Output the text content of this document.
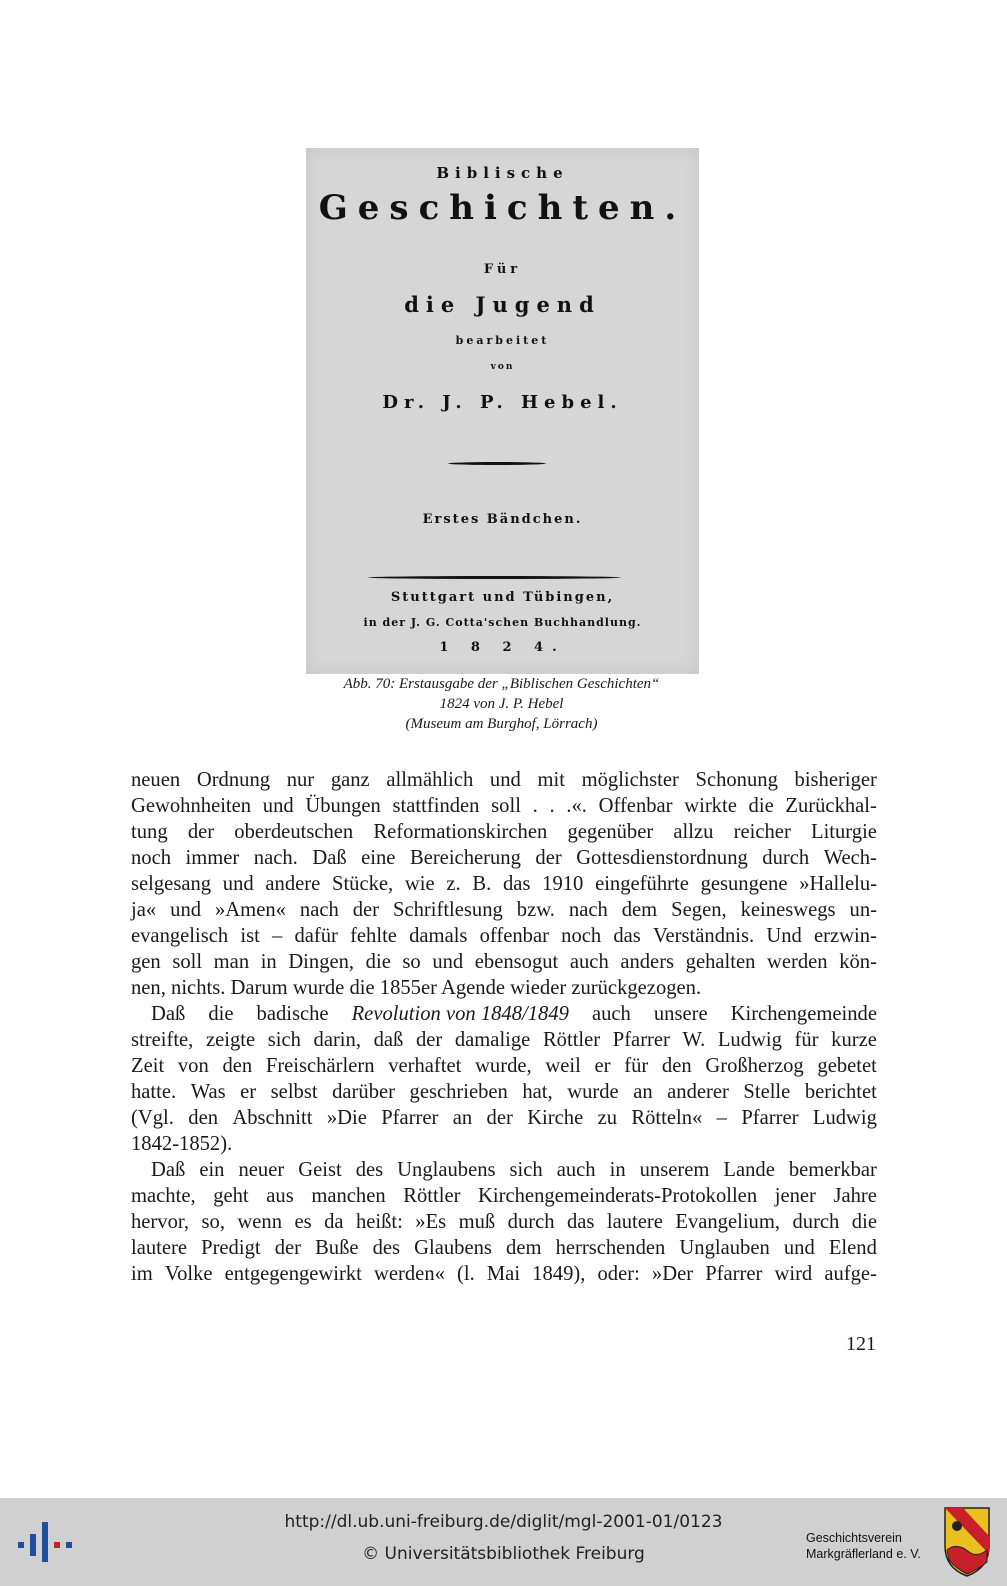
Biblische
Geschichten.
Für
die Jugend
bearbeitet
von
Dr. J. P. Hebel.
Erstes Bändchen.
Stuttgart und Tübingen,
in der J. G. Cotta'schen Buchhandlung.
1 8 2 4.
Abb. 70: Erstausgabe der „Biblischen Geschichten“
1824 von J. P. Hebel
(Museum am Burghof, Lörrach)
neuen Ordnung nur ganz allmählich und mit möglichster Schonung bisheriger
Gewohnheiten und Übungen stattfinden soll . . .«. Offenbar wirkte die Zurückhal-
tung der oberdeutschen Reformationskirchen gegenüber allzu reicher Liturgie
noch immer nach. Daß eine Bereicherung der Gottesdienstordnung durch Wech-
selgesang und andere Stücke, wie z. B. das 1910 eingeführte gesungene »Hallelu-
ja« und »Amen« nach der Schriftlesung bzw. nach dem Segen, keineswegs un-
evangelisch ist – dafür fehlte damals offenbar noch das Verständnis. Und erzwin-
gen soll man in Dingen, die so und ebensogut auch anders gehalten werden kön-
nen, nichts. Darum wurde die 1855er Agende wieder zurückgezogen.
Daß die badische Revolution von 1848/1849 auch unsere Kirchengemeinde
streifte, zeigte sich darin, daß der damalige Röttler Pfarrer W. Ludwig für kurze
Zeit von den Freischärlern verhaftet wurde, weil er für den Großherzog gebetet
hatte. Was er selbst darüber geschrieben hat, wurde an anderer Stelle berichtet
(Vgl. den Abschnitt »Die Pfarrer an der Kirche zu Rötteln« – Pfarrer Ludwig
1842-1852).
Daß ein neuer Geist des Unglaubens sich auch in unserem Lande bemerkbar
machte, geht aus manchen Röttler Kirchengemeinderats-Protokollen jener Jahre
hervor, so, wenn es da heißt: »Es muß durch das lautere Evangelium, durch die
lautere Predigt der Buße des Glaubens dem herrschenden Unglauben und Elend
im Volke entgegengewirkt werden« (l. Mai 1849), oder: »Der Pfarrer wird aufge-
121
http://dl.ub.uni-freiburg.de/diglit/mgl-2001-01/0123
© Universitätsbibliothek Freiburg
Geschichtsverein
Markgräflerland e. V.
